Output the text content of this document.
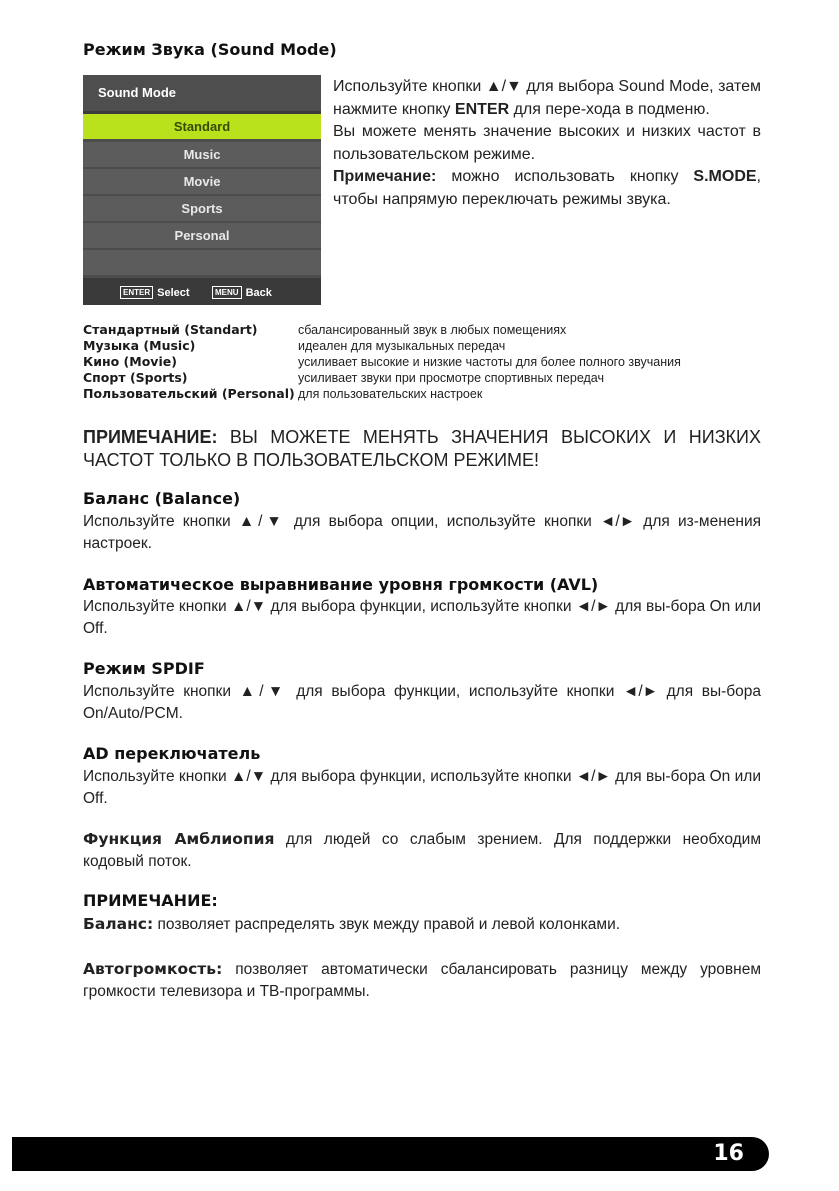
Режим Звука (Sound Mode)
Sound Mode
Standard
Music
Movie
Sports
Personal
ENTER Select	MENU Back
Используйте кнопки ▲/▼ для выбора Sound Mode, затем нажмите кнопку ENTER для пере-хода в подменю.
Вы можете менять значение высоких и низких частот в пользовательском режиме.
Примечание: можно использовать кнопку S.MODE, чтобы напрямую переключать режимы звука.
Стандартный (Standart)	сбалансированный звук в любых помещениях
Музыка (Music)	идеален для музыкальных передач
Кино (Movie)	усиливает высокие и низкие частоты для более полного звучания
Спорт (Sports)	усиливает звуки при просмотре спортивных передач
Пользовательский (Personal) для пользовательских настроек
ПРИМЕЧАНИЕ: ВЫ МОЖЕТЕ МЕНЯТЬ ЗНАЧЕНИЯ ВЫСОКИХ И НИЗКИХ ЧАСТОТ ТОЛЬКО В ПОЛЬЗОВАТЕЛЬСКОМ РЕЖИМЕ!
Баланс (Balance)
Используйте кнопки ▲/▼ для выбора опции, используйте кнопки ◄/► для из-менения настроек.
Автоматическое выравнивание уровня громкости (AVL)
Используйте кнопки ▲/▼ для выбора функции, используйте кнопки ◄/► для вы-бора On или Off.
Режим SPDIF
Используйте кнопки ▲/▼ для выбора функции, используйте кнопки ◄/► для вы-бора On/Auto/PCM.
AD переключатель
Используйте кнопки ▲/▼ для выбора функции, используйте кнопки ◄/► для вы-бора On или Off.
Функция Амблиопия для людей со слабым зрением. Для поддержки необходим кодовый поток.
ПРИМЕЧАНИЕ:
Баланс: позволяет распределять звук между правой и левой колонками.
Автогромкость: позволяет автоматически сбалансировать разницу между уровнем громкости телевизора и ТВ-программы.
16
